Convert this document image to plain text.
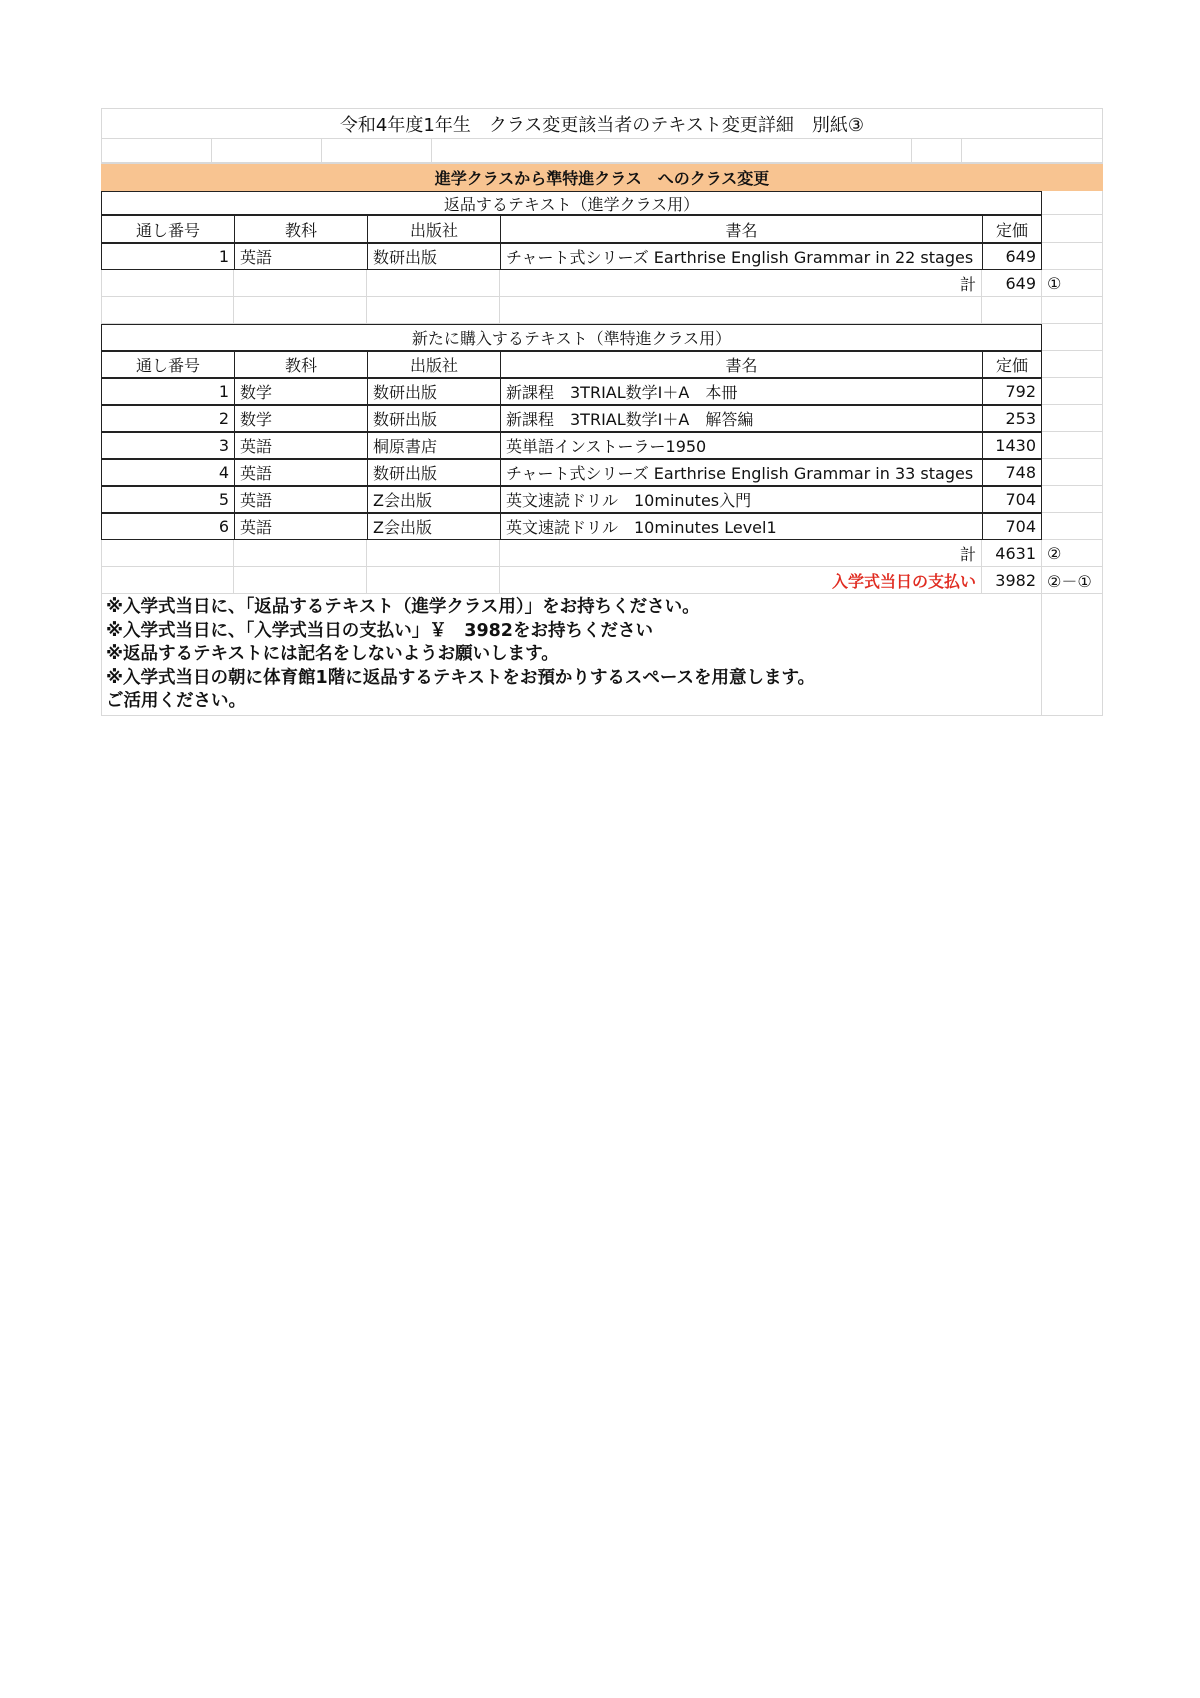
令和4年度1年生　クラス変更該当者のテキスト変更詳細　別紙③
進学クラスから準特進クラス　へのクラス変更
返品するテキスト（進学クラス用）
通し番号	教科	出版社	書名	定価
1 英語	数研出版	チャート式シリーズ Earthrise English Grammar in 22 stages	649
計	649 ①
新たに購入するテキスト（準特進クラス用）
通し番号	教科	出版社	書名	定価
1 数学	数研出版	新課程　3TRIAL数学Ⅰ＋A　本冊	792
2 数学	数研出版	新課程　3TRIAL数学Ⅰ＋A　解答編	253
3 英語	桐原書店	英単語インストーラー1950	1430
4 英語	数研出版	チャート式シリーズ Earthrise English Grammar in 33 stages	748
5 英語	Z会出版	英文速読ドリル　10minutes入門	704
6 英語	Z会出版	英文速読ドリル　10minutes Level1	704
計	4631 ②
入学式当日の支払い	3982 ②－①
※入学式当日に、「返品するテキスト（進学クラス用）」をお持ちください。
※入学式当日に、「入学式当日の支払い」￥　3982をお持ちください
※返品するテキストには記名をしないようお願いします。
※入学式当日の朝に体育館1階に返品するテキストをお預かりするスペースを用意します。
ご活用ください。
